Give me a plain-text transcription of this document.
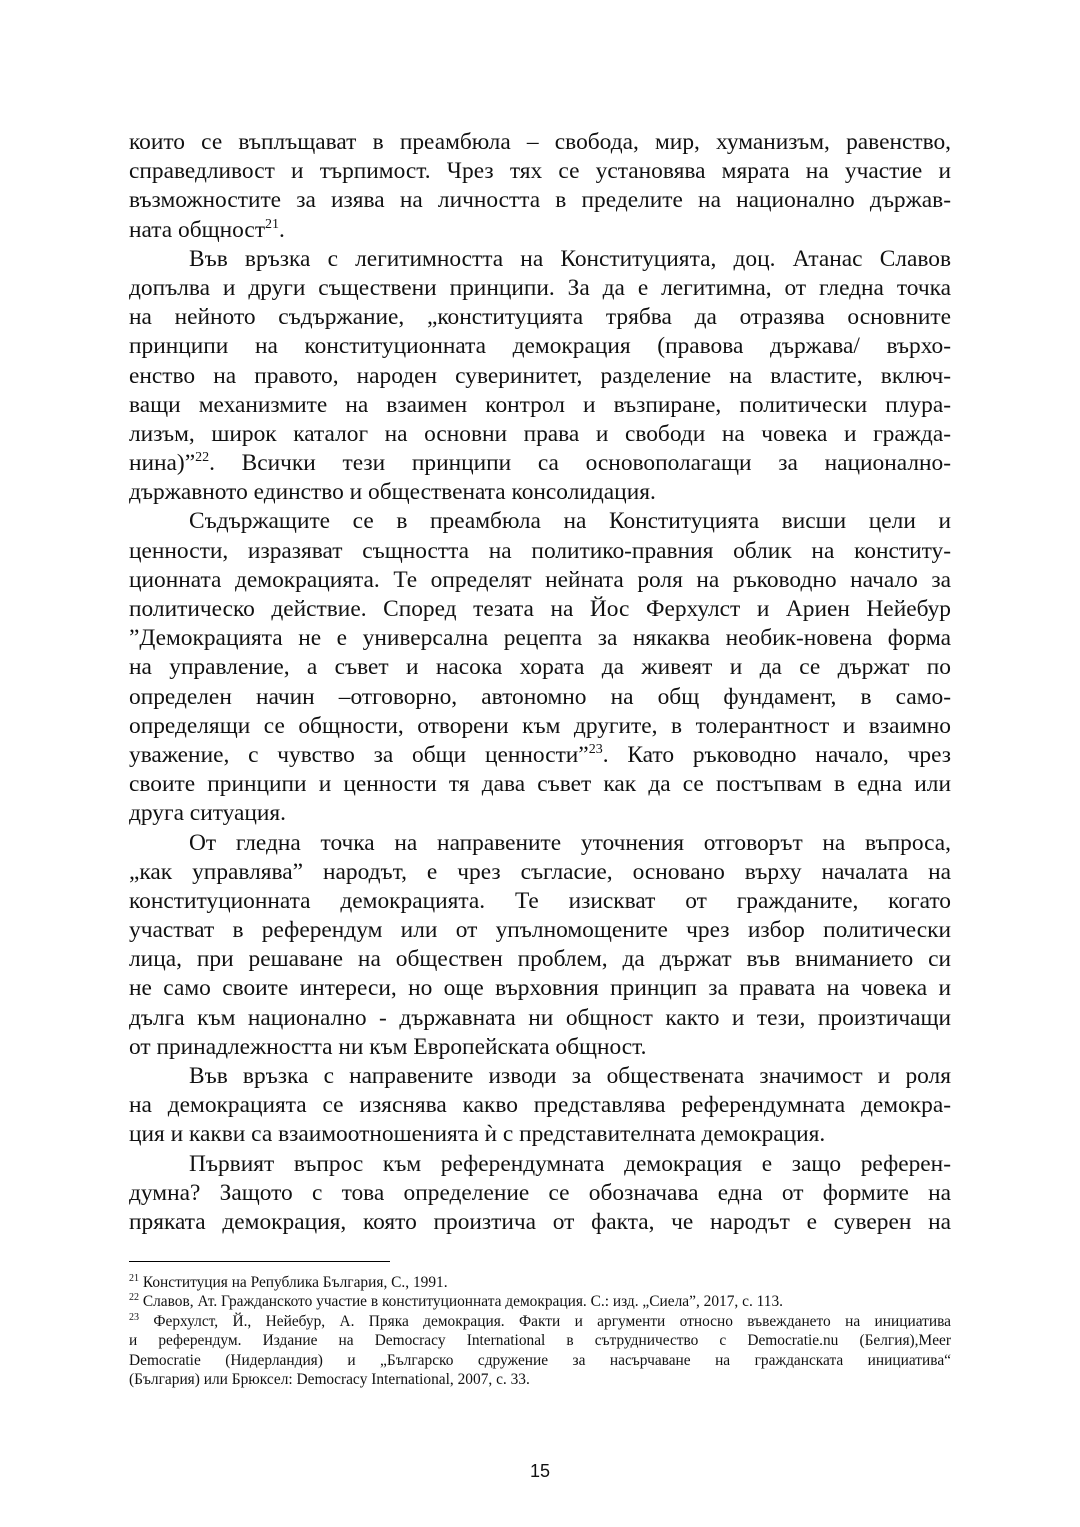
които се въплъщават в преамбюла – свобода, мир, хуманизъм, равенство,
справедливост и търпимост. Чрез тях се установява мярата на участие и
възможностите за изява на личността в пределите на национално държав-
ната общност$^{21}$.
Във връзка с легитимността на Конституцията, доц. Атанас Славов
допълва и други съществени принципи. За да е легитимна, от гледна точка
на нейното съдържание, „конституцията трябва да отразява основните
принципи на конституционната демокрация (правова държава/ върхо-
енство на правото, народен суверинитет, разделение на властите, включ-
ващи механизмите на взаимен контрол и възпиране, политически плура-
лизъм, широк каталог на основни права и свободи на човека и гражда-
нина)”$^{22}$. Всички тези принципи са основополагащи за национално-
държавното единство и обществената консолидация.
Съдържащите се в преамбюла на Конституцията висши цели и
ценности, изразяват същността на политико-правния облик на конститу-
ционната демокрацията. Те определят нейната роля на ръководно начало за
политическо действие. Според тезата на Йос Ферхулст и Ариен Нейебур
”Демокрацията не е универсална рецепта за някаква необик-новена форма
на управление, а съвет и насока хората да живеят и да се държат по
определен начин –отговорно, автономно на общ фундамент, в само-
определящи се общности, отворени към другите, в толерантност и взаимно
уважение, с чувство за общи ценности”$^{23}$. Като ръководно начало, чрез
своите принципи и ценности тя дава съвет как да се постъпвам в една или
друга ситуация.
От гледна точка на направените уточнения отговорът на въпроса,
„как управлява” народът, е чрез съгласие, основано върху началата на
конституционната демокрацията. Те изискват от гражданите, когато
участват в референдум или от упълномощените чрез избор политически
лица, при решаване на обществен проблем, да държат във вниманието си
не само своите интереси, но още върховния принцип за правата на човека и
дълга към национално - държавната ни общност както и тези, произтичащи
от принадлежността ни към Европейската общност.
Във връзка с направените изводи за обществената значимост и роля
на демокрацията се изяснява какво представлява референдумната демокра-
ция и какви са взаимоотношенията ѝ с представителната демокрация.
Първият въпрос към референдумната демокрация е защо референ-
думна? Защото с това определение се обозначава една от формите на
пряката демокрация, която произтича от факта, че народът е суверен на
$^{21}$ Конституция на Република България, С., 1991.
$^{22}$ Славов, Ат. Гражданското участие в конституционната демокрация. С.: изд. „Сиела”, 2017, с. 113.
$^{23}$ Ферхулст, Й., Нейебур, А. Пряка демокрация. Факти и аргументи относно въвеждането на инициатива
и референдум. Издание на Democracy International в сътрудничество с Democratie.nu (Белгия),Meer
Democratie (Нидерландия) и „Българско сдружение за насърчаване на гражданската инициатива“
(България) или Брюксел: Democracy International, 2007, с. 33.
15
